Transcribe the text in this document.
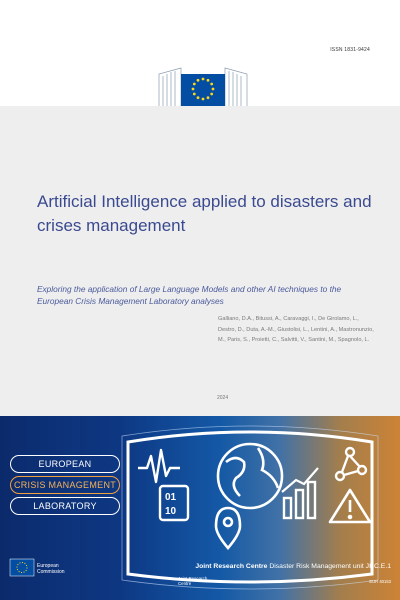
ISSN 1831-9424
Artificial Intelligence applied to disasters and crises management
Exploring the application of Large Language Models and other AI techniques to the European Crisis Management Laboratory analyses
Galliano, D.A., Bitussi, A., Caravaggi, I., De Girolamo, L., Destro, D., Duta, A.-M., Giustolisi, L., Lentini, A., Mastronunzio, M., Paris, S., Proietti, C., Salvitti, V., Santini, M., Spagnolo, L.
2024
01
10
EUROPEAN
CRISIS MANAGEMENT
LABORATORY
European
Commission
Joint Research Centre Disaster Risk Management unit JRC.E.1
Joint Research Centre	EUR 40153
